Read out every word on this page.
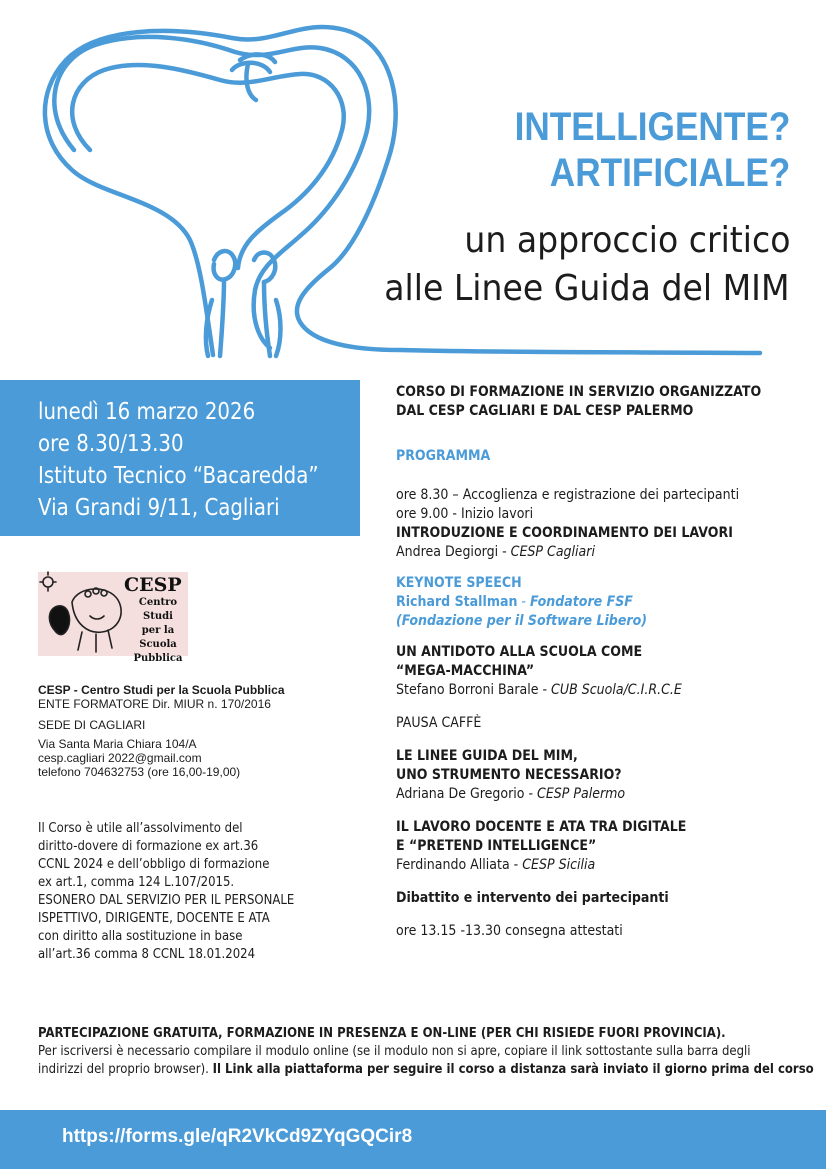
INTELLIGENTE?
ARTIFICIALE?
un approccio critico
alle Linee Guida del MIM
lunedì 16 marzo 2026
ore 8.30/13.30
Istituto Tecnico “Bacaredda”
Via Grandi 9/11, Cagliari
CESP
Centro Studi
per la
Scuola
Pubblica
CESP - Centro Studi per la Scuola Pubblica
ENTE FORMATORE Dir. MIUR n. 170/2016
SEDE DI CAGLIARI
Via Santa Maria Chiara 104/A
cesp.cagliari 2022@gmail.com
telefono 704632753 (ore 16,00-19,00)
Il Corso è utile all’assolvimento del
diritto-dovere di formazione ex art.36
CCNL 2024 e dell’obbligo di formazione
ex art.1, comma 124 L.107/2015.
ESONERO DAL SERVIZIO PER IL PERSONALE
ISPETTIVO, DIRIGENTE, DOCENTE E ATA
con diritto alla sostituzione in base
all’art.36 comma 8 CCNL 18.01.2024
CORSO DI FORMAZIONE IN SERVIZIO ORGANIZZATO
DAL CESP CAGLIARI E DAL CESP PALERMO
PROGRAMMA
ore 8.30 – Accoglienza e registrazione dei partecipanti
ore 9.00 - Inizio lavori
INTRODUZIONE E COORDINAMENTO DEI LAVORI
Andrea Degiorgi - CESP Cagliari
KEYNOTE SPEECH
Richard Stallman - Fondatore FSF
(Fondazione per il Software Libero)
UN ANTIDOTO ALLA SCUOLA COME
“MEGA-MACCHINA”
Stefano Borroni Barale - CUB Scuola/C.I.R.C.E
PAUSA CAFFÈ
LE LINEE GUIDA DEL MIM,
UNO STRUMENTO NECESSARIO?
Adriana De Gregorio - CESP Palermo
IL LAVORO DOCENTE E ATA TRA DIGITALE
E “PRETEND INTELLIGENCE”
Ferdinando Alliata - CESP Sicilia
Dibattito e intervento dei partecipanti
ore 13.15 -13.30 consegna attestati
PARTECIPAZIONE GRATUITA, FORMAZIONE IN PRESENZA E ON-LINE (PER CHI RISIEDE FUORI PROVINCIA).
Per iscriversi è necessario compilare il modulo online (se il modulo non si apre, copiare il link sottostante sulla barra degli
indirizzi del proprio browser). Il Link alla piattaforma per seguire il corso a distanza sarà inviato il giorno prima del corso
https://forms.gle/qR2VkCd9ZYqGQCir8
